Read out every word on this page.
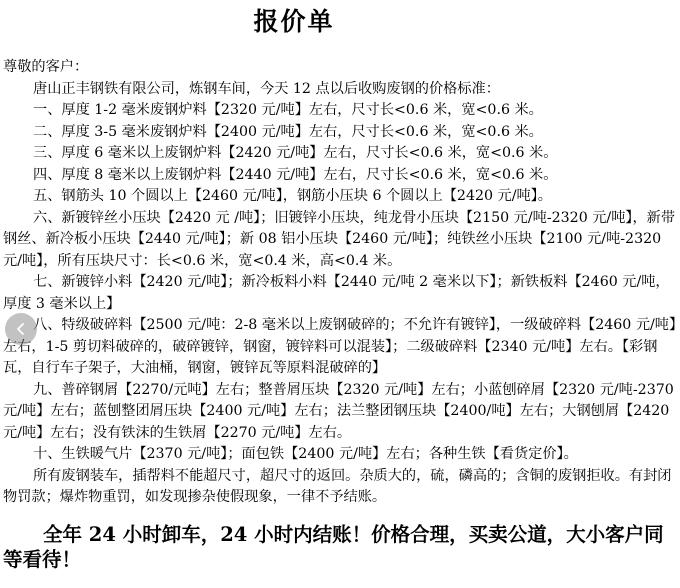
报价单

尊敬的客户：

唐山正丰钢铁有限公司，炼钢车间，今天 12 点以后收购废钢的价格标准：

一、厚度 1-2 毫米废钢炉料【2320 元/吨】左右，尺寸长<0.6 米，宽<0.6 米。

二、厚度 3-5 毫米废钢炉料【2400 元/吨】左右，尺寸长<0.6 米，宽<0.6 米。

三、厚度 6 毫米以上废钢炉料【2420 元/吨】左右，尺寸长<0.6 米，宽<0.6 米。

四、厚度 8 毫米以上废钢炉料【2440 元/吨】左右，尺寸长<0.6 米，宽<0.6 米。

五、钢筋头 10 个圆以上【2460 元/吨】，钢筋小压块 6 个圆以上【2420 元/吨】。

六、新镀锌丝小压块【2420 元 /吨】；旧镀锌小压块，纯龙骨小压块【2150 元/吨-2320 元/吨】，新带钢丝、新冷板小压块【2440 元/吨】；新 08 铝小压块【2460 元/吨】；纯铁丝小压块【2100 元/吨-2320 元/吨】，所有压块尺寸：长<0.6 米，宽<0.4 米，高<0.4 米。

七、新镀锌小料【2420 元/吨】；新冷板料小料【2440 元/吨 2 毫米以下】；新铁板料【2460 元/吨，厚度 3 毫米以上】

八、特级破碎料【2500 元/吨：2-8 毫米以上废钢破碎的；不允许有镀锌】，一级破碎料【2460 元/吨】左右，1-5 剪切料破碎的，破碎镀锌，钢窗，镀锌料可以混装】；二级破碎料【2340 元/吨】左右。【彩钢瓦，自行车子架子，大油桶，钢窗，镀锌瓦等原料混破碎的】

九、普碎钢屑【2270/元吨】左右；整普屑压块【2320 元/吨】左右；小蓝刨碎屑【2320 元/吨-2370 元/吨】左右；蓝刨整团屑压块【2400 元/吨】左右；法兰整团钢压块【2400/吨】左右；大钢刨屑【2420 元/吨】左右；没有铁沫的生铁屑【2270 元/吨】左右。

十、生铁暖气片【2370 元/吨】；面包铁【2400 元/吨】左右；各种生铁【看货定价】。

所有废钢装车，插帮料不能超尺寸，超尺寸的返回。杂质大的，硫，磷高的；含铜的废钢拒收。有封闭物罚款；爆炸物重罚，如发现掺杂使假现象，一律不予结账。

全年 24 小时卸车，24 小时内结账！价格合理，买卖公道，大小客户同等看待！
